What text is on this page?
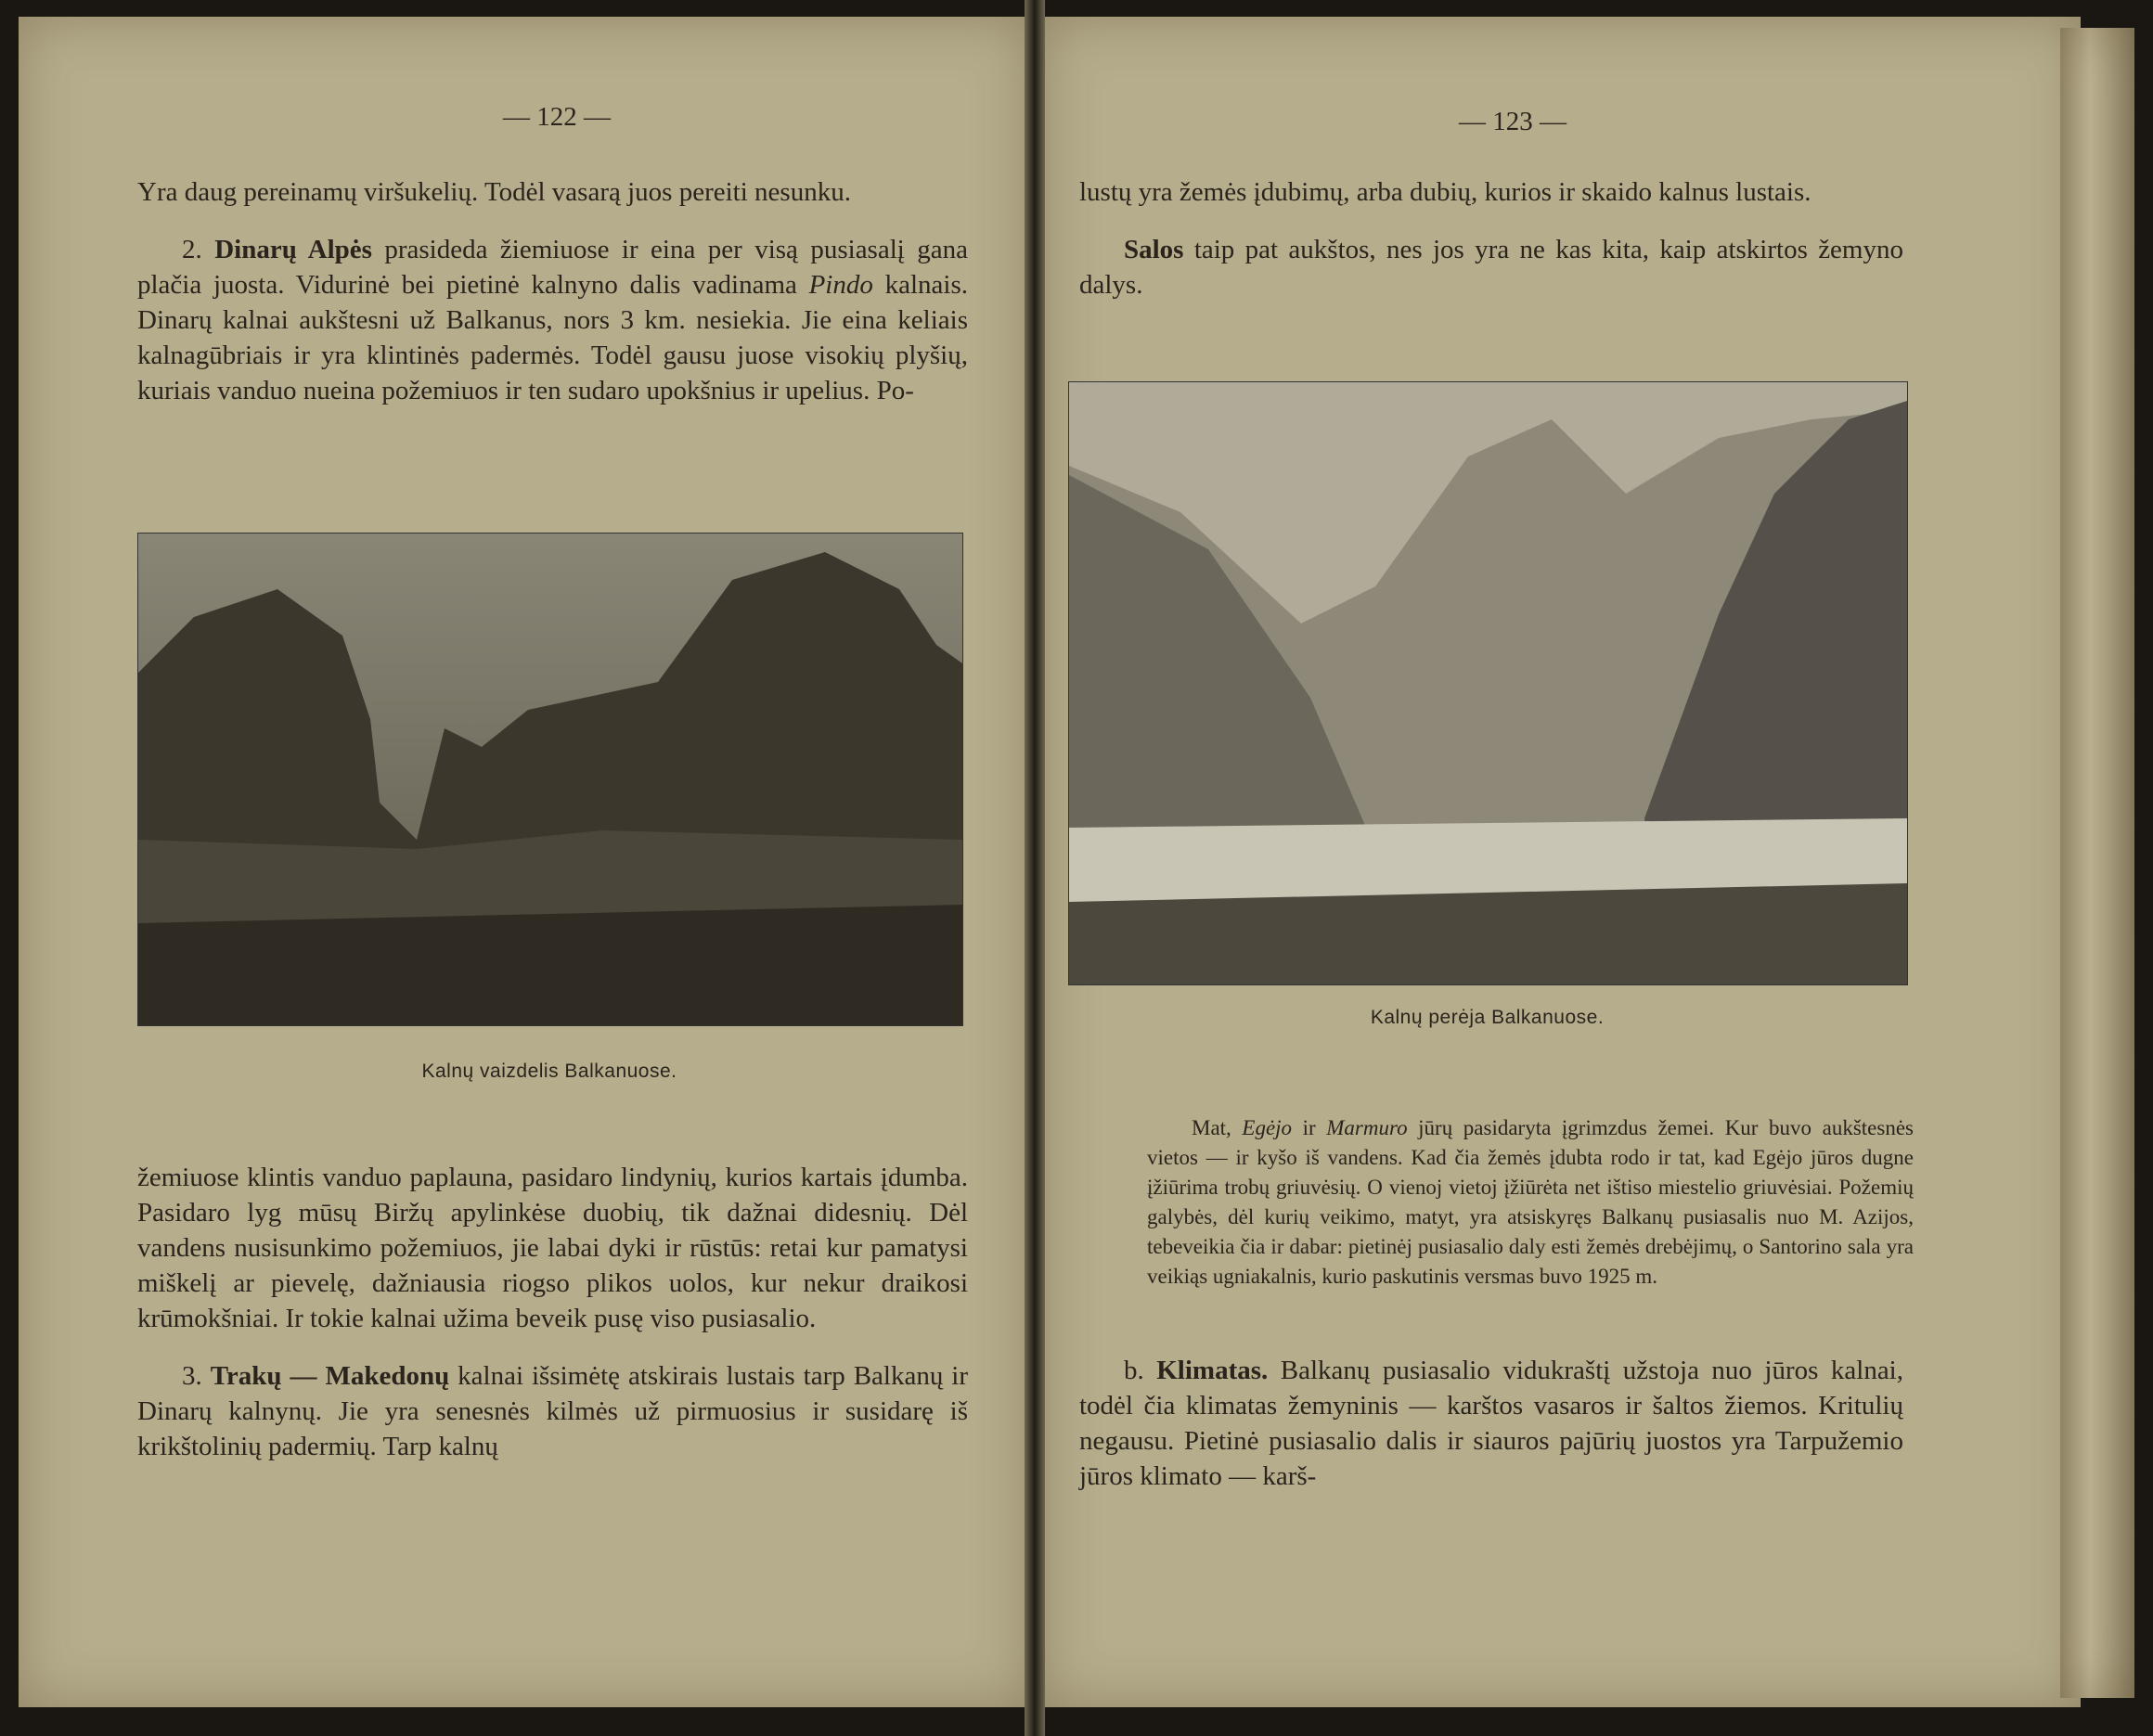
— 122 —

Yra daug pereinamų viršukelių. Todėl vasarą juos pereiti nesunku.

2. Dinarų Alpės prasideda žiemiuose ir eina per visą pusiasalį gana plačia juosta. Vidurinė bei pietinė kalnyno dalis vadinama Pindo kalnais. Dinarų kalnai aukštesni už Balkanus, nors 3 km. nesiekia. Jie eina keliais kalnagūbriais ir yra klintinės padermės. Todėl gausu juose visokių plyšių, kuriais vanduo nueina požemiuos ir ten sudaro upokšnius ir upelius. Po-

Kalnų vaizdelis Balkanuose.

žemiuose klintis vanduo paplauna, pasidaro lindynių, kurios kartais įdumba. Pasidaro lyg mūsų Biržų apylinkėse duobių, tik dažnai didesnių. Dėl vandens nusisunkimo požemiuos, jie labai dyki ir rūstūs: retai kur pamatysi miškelį ar pievelę, dažniausia riogso plikos uolos, kur nekur draikosi krūmokšniai. Ir tokie kalnai užima beveik pusę viso pusiasalio.

3. Trakų — Makedonų kalnai išsimėtę atskirais lustais tarp Balkanų ir Dinarų kalnynų. Jie yra senesnės kilmės už pirmuosius ir susidarę iš krikštolinių padermių. Tarp kalnų

— 123 —

lustų yra žemės įdubimų, arba dubių, kurios ir skaido kalnus lustais.

Salos taip pat aukštos, nes jos yra ne kas kita, kaip atskirtos žemyno dalys.

Kalnų perėja Balkanuose.

Mat, Egėjo ir Marmuro jūrų pasidaryta įgrimzdus žemei. Kur buvo aukštesnės vietos — ir kyšo iš vandens. Kad čia žemės įdubta rodo ir tat, kad Egėjo jūros dugne įžiūrima trobų griuvėsių. O vienoj vietoj įžiūrėta net ištiso miestelio griuvėsiai. Požemių galybės, dėl kurių veikimo, matyt, yra atsiskyręs Balkanų pusiasalis nuo M. Azijos, tebeveikia čia ir dabar: pietinėj pusiasalio daly esti žemės drebėjimų, o Santorino sala yra veikiąs ugniakalnis, kurio paskutinis versmas buvo 1925 m.

b. Klimatas. Balkanų pusiasalio vidukraštį užstoja nuo jūros kalnai, todėl čia klimatas žemyninis — karštos vasaros ir šaltos žiemos. Kritulių negausu. Pietinė pusiasalio dalis ir siauros pajūrių juostos yra Tarpužemio jūros klimato — karš-
